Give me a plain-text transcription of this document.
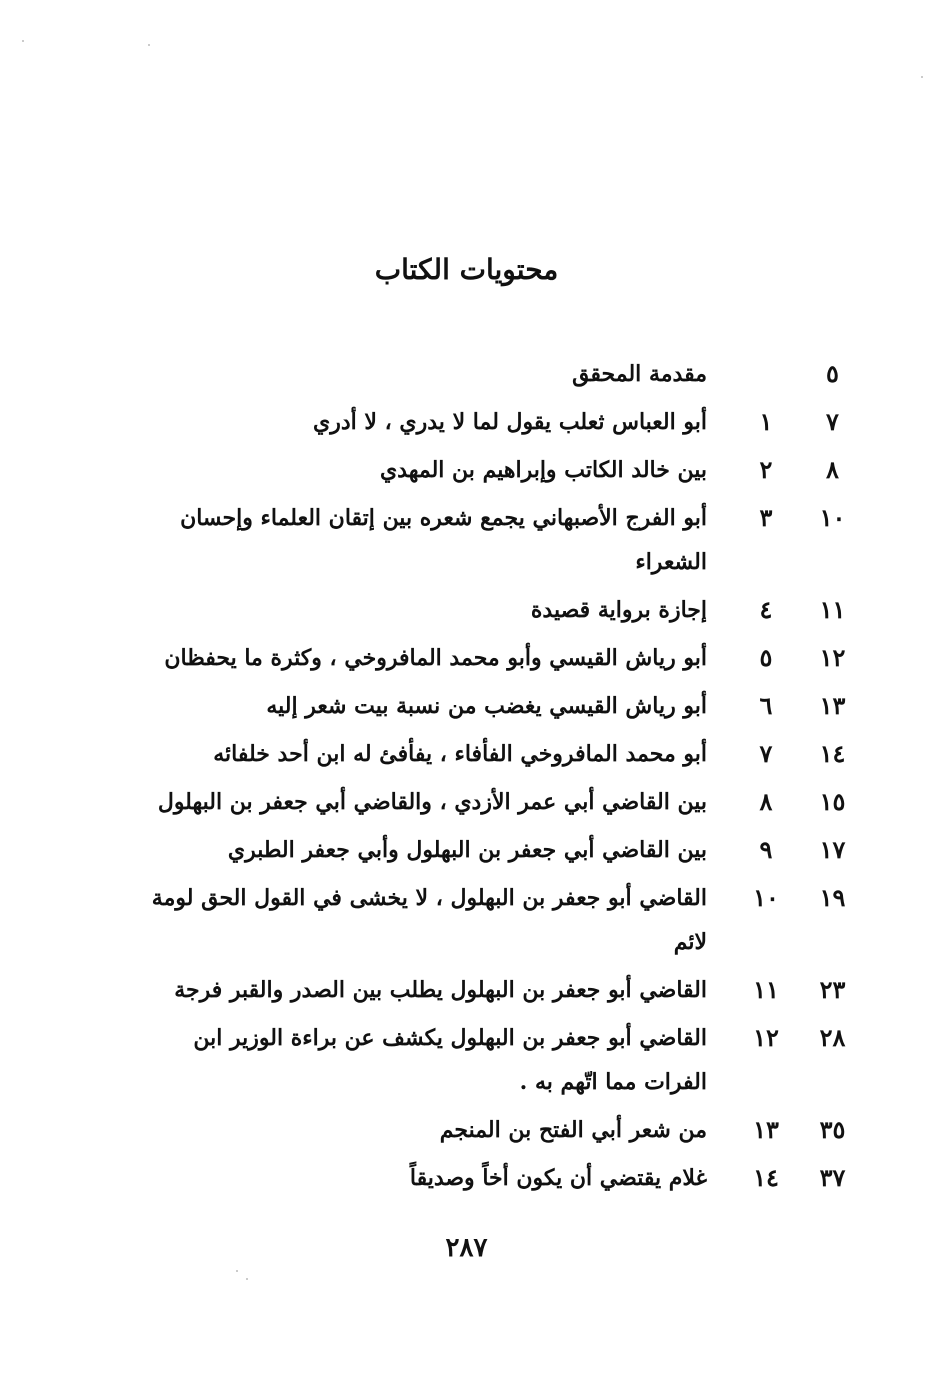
محتويات الكتاب
٥
مقدمة المحقق
٧
١
أبو العباس ثعلب يقول لما لا يدري ، لا أدري
٨
٢
بين خالد الكاتب وإبراهيم بن المهدي
١٠
٣
أبو الفرج الأصبهاني يجمع شعره بين إتقان العلماء وإحسان الشعراء
١١
٤
إجازة برواية قصيدة
١٢
٥
أبو رياش القيسي وأبو محمد المافروخي ، وكثرة ما يحفظان
١٣
٦
أبو رياش القيسي يغضب من نسبة بيت شعر إليه
١٤
٧
أبو محمد المافروخي الفأفاء ، يفأفئ له ابن أحد خلفائه
١٥
٨
بين القاضي أبي عمر الأزدي ، والقاضي أبي جعفر بن البهلول
١٧
٩
بين القاضي أبي جعفر بن البهلول وأبي جعفر الطبري
١٩
١٠
القاضي أبو جعفر بن البهلول ، لا يخشى في القول الحق لومة لائم
٢٣
١١
القاضي أبو جعفر بن البهلول يطلب بين الصدر والقبر فرجة
٢٨
١٢
القاضي أبو جعفر بن البهلول يكشف عن براءة الوزير ابن الفرات مما اتّهم به .
٣٥
١٣
من شعر أبي الفتح بن المنجم
٣٧
١٤
غلام يقتضي أن يكون أخاً وصديقاً
٢٨٧
